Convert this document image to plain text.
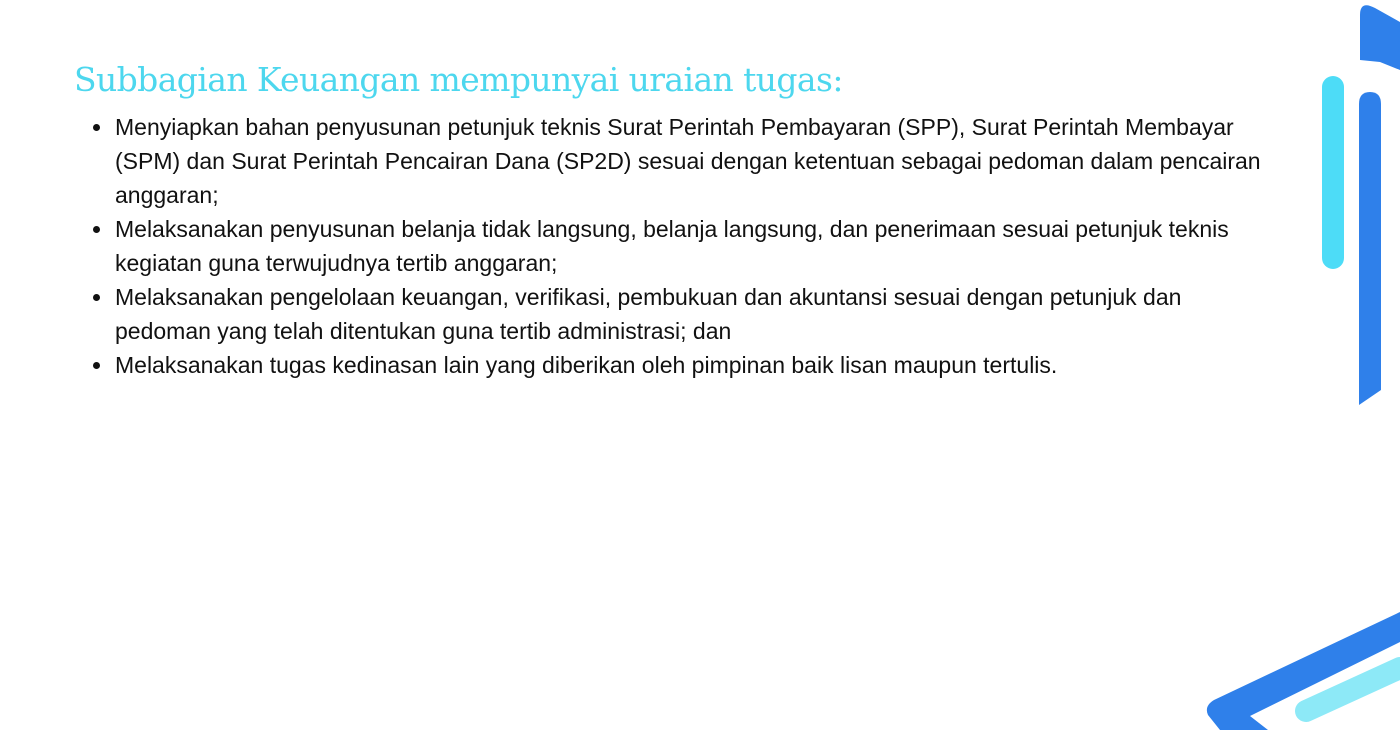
Subbagian Keuangan mempunyai uraian tugas:
Menyiapkan bahan penyusunan petunjuk teknis Surat Perintah Pembayaran (SPP), Surat Perintah Membayar (SPM) dan Surat Perintah Pencairan Dana (SP2D) sesuai dengan ketentuan sebagai pedoman dalam pencairan anggaran;
Melaksanakan penyusunan belanja tidak langsung, belanja langsung, dan penerimaan sesuai petunjuk teknis kegiatan guna terwujudnya tertib anggaran;
Melaksanakan pengelolaan keuangan, verifikasi, pembukuan dan akuntansi sesuai dengan petunjuk dan pedoman yang telah ditentukan guna tertib administrasi; dan
Melaksanakan tugas kedinasan lain yang diberikan oleh pimpinan baik lisan maupun tertulis.
